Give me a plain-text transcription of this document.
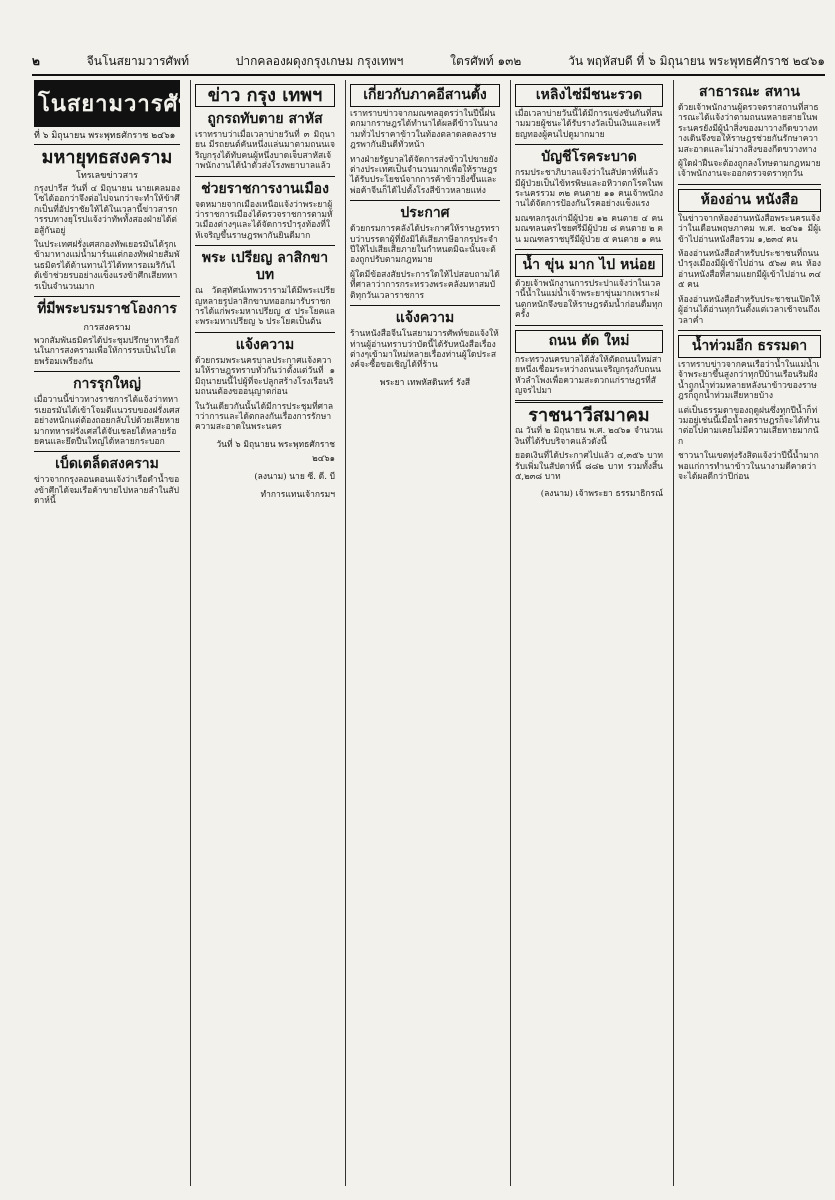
๒	จีนโนสยามวารศัพท์	ปากคลองผดุงกรุงเกษม กรุงเทพฯ	ใตรศัพท์ ๑๓๒	วัน พฤหัสบดี ที่ ๖ มิถุนายน พระพุทธศักราช ๒๔๖๑
โนสยามวารศัพท์
ที่ ๖ มิถุนายน พระพุทธศักราช ๒๔๖๑
มหายุทธสงคราม
โทรเลขข่าวสาร

กรุงปารีส วันที่ ๔ มิถุนายน นายเคลมองโซได้ออกว่าจึงต่อไปจนกว่าจะทำให้ข้าศึกเป็นที่อัปราชัยให้ได้ในเวลานี้ข่าวสารการรบทางยุโรปแจ้งว่าทัพทั้งสองฝ่ายได้ต่อสู้กันอยู่

ในประเทศฝรั่งเศสกองทัพเยอรมันได้รุกเข้ามาทางแม่น้ำมาร์นแต่กองทัพฝ่ายสัมพันธมิตรได้ต้านทานไว้ได้ทหารอเมริกันได้เข้าช่วยรบอย่างแข็งแรงข้าศึกเสียทหารเป็นจำนวนมาก

ที่มีพระบรมราชโองการ
การสงคราม

พวกสัมพันธมิตรได้ประชุมปรึกษาหารือกันในการสงครามเพื่อให้การรบเป็นไปโดยพร้อมเพรียงกัน

การรุกใหญ่

เมื่อวานนี้ข่าวทางราชการได้แจ้งว่าทหารเยอรมันได้เข้าโจมตีแนวรบของฝรั่งเศสอย่างหนักแต่ต้องถอยกลับไปด้วยเสียหายมากทหารฝรั่งเศสได้จับเชลยได้หลายร้อยคนและยึดปืนใหญ่ได้หลายกระบอก

เบ็ดเตล็ดสงคราม

ข่าวจากกรุงลอนดอนแจ้งว่าเรือดำน้ำของข้าศึกได้จมเรือค้าขายไปหลายลำในสัปดาห์นี้

ข่าว กรุง เทพฯ
ถูกรถทับตาย สาหัส

เราทราบว่าเมื่อเวลาบ่ายวันที่ ๓ มิถุนายน มีรถยนต์คันหนึ่งแล่นมาตามถนนเจริญกรุงได้ทับคนผู้หนึ่งบาดเจ็บสาหัสเจ้าพนักงานได้นำตัวส่งโรงพยาบาลแล้ว

ช่วยราชการงานเมือง

จดหมายจากเมืองเหนือแจ้งว่าพระยาผู้ว่าราชการเมืองได้ตรวจราชการตามหัวเมืองต่างๆและได้จัดการบำรุงท้องที่ให้เจริญขึ้นราษฎรพากันยินดีมาก

พระ เปรียญ ลาสิกขา บท

ณ วัดสุทัศน์เทพวรารามได้มีพระเปรียญหลายรูปลาสิกขาบทออกมารับราชการได้แก่พระมหาเปรียญ ๕ ประโยคและพระมหาเปรียญ ๖ ประโยคเป็นต้น

แจ้งความ

ด้วยกรมพระนครบาลประกาศแจ้งความให้ราษฎรทราบทั่วกันว่าตั้งแต่วันที่ ๑ มิถุนายนนี้ไปผู้ที่จะปลูกสร้างโรงเรือนริมถนนต้องขออนุญาตก่อน

ในวันเดียวกันนั้นได้มีการประชุมที่ศาลาว่าการและได้ตกลงกันเรื่องการรักษาความสะอาดในพระนคร

วันที่ ๖ มิถุนายน พระพุทธศักราช ๒๔๖๑

(ลงนาม) นาย ซี. ดี. บี

ทำการแทนเจ้ากรมฯ

เกี่ยวกับภาคอีสานตั้ง

เราทราบข่าวจากมณฑลอุดรว่าในปีนี้ฝนตกมากราษฎรได้ทำนาได้ผลดีข้าวในนางามทั่วไปราคาข้าวในท้องตลาดลดลงราษฎรพากันยินดีทั่วหน้า

ทางฝ่ายรัฐบาลได้จัดการส่งข้าวไปขายยังต่างประเทศเป็นจำนวนมากเพื่อให้ราษฎรได้รับประโยชน์จากการค้าข้าวยิ่งขึ้นและพ่อค้าจีนก็ได้ไปตั้งโรงสีข้าวหลายแห่ง

ประกาศ

ด้วยกรมการคลังได้ประกาศให้ราษฎรทราบว่าบรรดาผู้ที่ยังมิได้เสียภาษีอากรประจำปีให้ไปเสียเสียภายในกำหนดมิฉะนั้นจะต้องถูกปรับตามกฎหมาย

ผู้ใดมีข้อสงสัยประการใดให้ไปสอบถามได้ที่ศาลาว่าการกระทรวงพระคลังมหาสมบัติทุกวันเวลาราชการ

แจ้งความ

ร้านหนังสือจีนโนสยามวารศัพท์ขอแจ้งให้ท่านผู้อ่านทราบว่าบัดนี้ได้รับหนังสือเรื่องต่างๆเข้ามาใหม่หลายเรื่องท่านผู้ใดประสงค์จะซื้อขอเชิญได้ที่ร้าน

พระยา เทพหัสดินทร์ รังสี

เหลิงไซ่มีชนะรวด

เมื่อเวลาบ่ายวันนี้ได้มีการแข่งขันกันที่สนามมวยผู้ชนะได้รับรางวัลเป็นเงินและเหรียญทองผู้คนไปดูมากมาย

บัญชีโรคระบาด

กรมประชาภิบาลแจ้งว่าในสัปดาห์ที่แล้วมีผู้ป่วยเป็นไข้ทรพิษและอหิวาตกโรคในพระนครรวม ๓๒ คนตาย ๑๑ คนเจ้าพนักงานได้จัดการป้องกันโรคอย่างแข็งแรง

มณฑลกรุงเก่ามีผู้ป่วย ๑๒ คนตาย ๔ คน มณฑลนครไชยศรีมีผู้ป่วย ๘ คนตาย ๒ คน มณฑลราชบุรีมีผู้ป่วย ๕ คนตาย ๑ คน

น้ำ ขุ่น มาก ไป หน่อย

ด้วยเจ้าพนักงานการประปาแจ้งว่าในเวลานี้น้ำในแม่น้ำเจ้าพระยาขุ่นมากเพราะฝนตกหนักจึงขอให้ราษฎรต้มน้ำก่อนดื่มทุกครั้ง

ถนน ตัด ใหม่

กระทรวงนครบาลได้สั่งให้ตัดถนนใหม่สายหนึ่งเชื่อมระหว่างถนนเจริญกรุงกับถนนหัวลำโพงเพื่อความสะดวกแก่ราษฎรที่สัญจรไปมา

ราชนาวีสมาคม

ณ วันที่ ๒ มิถุนายน พ.ศ. ๒๔๖๑ จำนวนเงินที่ได้รับบริจาคแล้วดังนี้

ยอดเงินที่ได้ประกาศไปแล้ว ๔,๓๕๖ บาท รับเพิ่มในสัปดาห์นี้ ๘๘๒ บาท รวมทั้งสิ้น ๕,๒๓๘ บาท

(ลงนาม) เจ้าพระยา ธรรมาธิกรณ์

สาธารณะ สหาน

ด้วยเจ้าพนักงานผู้ตรวจตราสถานที่สาธารณะได้แจ้งว่าตามถนนหลายสายในพระนครยังมีผู้นำสิ่งของมาวางกีดขวางทางเดินจึงขอให้ราษฎรช่วยกันรักษาความสะอาดและไม่วางสิ่งของกีดขวางทาง

ผู้ใดฝ่าฝืนจะต้องถูกลงโทษตามกฎหมายเจ้าพนักงานจะออกตรวจตราทุกวัน

ห้องอ่าน หนังสือ

ในข่าวจากห้องอ่านหนังสือพระนครแจ้งว่าในเดือนพฤษภาคม พ.ศ. ๒๔๖๑ มีผู้เข้าไปอ่านหนังสือรวม ๑,๒๓๔ คน

ห้องอ่านหนังสือสำหรับประชาชนที่ถนนบำรุงเมืองมีผู้เข้าไปอ่าน ๕๖๗ คน ห้องอ่านหนังสือที่สามแยกมีผู้เข้าไปอ่าน ๓๔๕ คน

ห้องอ่านหนังสือสำหรับประชาชนเปิดให้ผู้อ่านได้อ่านทุกวันตั้งแต่เวลาเช้าจนถึงเวลาค่ำ

น้ำท่วมอีก ธรรมดา

เราทราบข่าวจากคนเรือว่าน้ำในแม่น้ำเจ้าพระยาขึ้นสูงกว่าทุกปีบ้านเรือนริมฝั่งน้ำถูกน้ำท่วมหลายหลังนาข้าวของราษฎรก็ถูกน้ำท่วมเสียหายบ้าง

แต่เป็นธรรมดาของฤดูฝนซึ่งทุกปีน้ำก็ท่วมอยู่เช่นนี้เมื่อน้ำลดราษฎรก็จะได้ทำนาต่อไปตามเคยไม่มีความเสียหายมากนัก

ชาวนาในเขตทุ่งรังสิตแจ้งว่าปีนี้น้ำมากพอแก่การทำนาข้าวในนางามดีคาดว่าจะได้ผลดีกว่าปีก่อน
